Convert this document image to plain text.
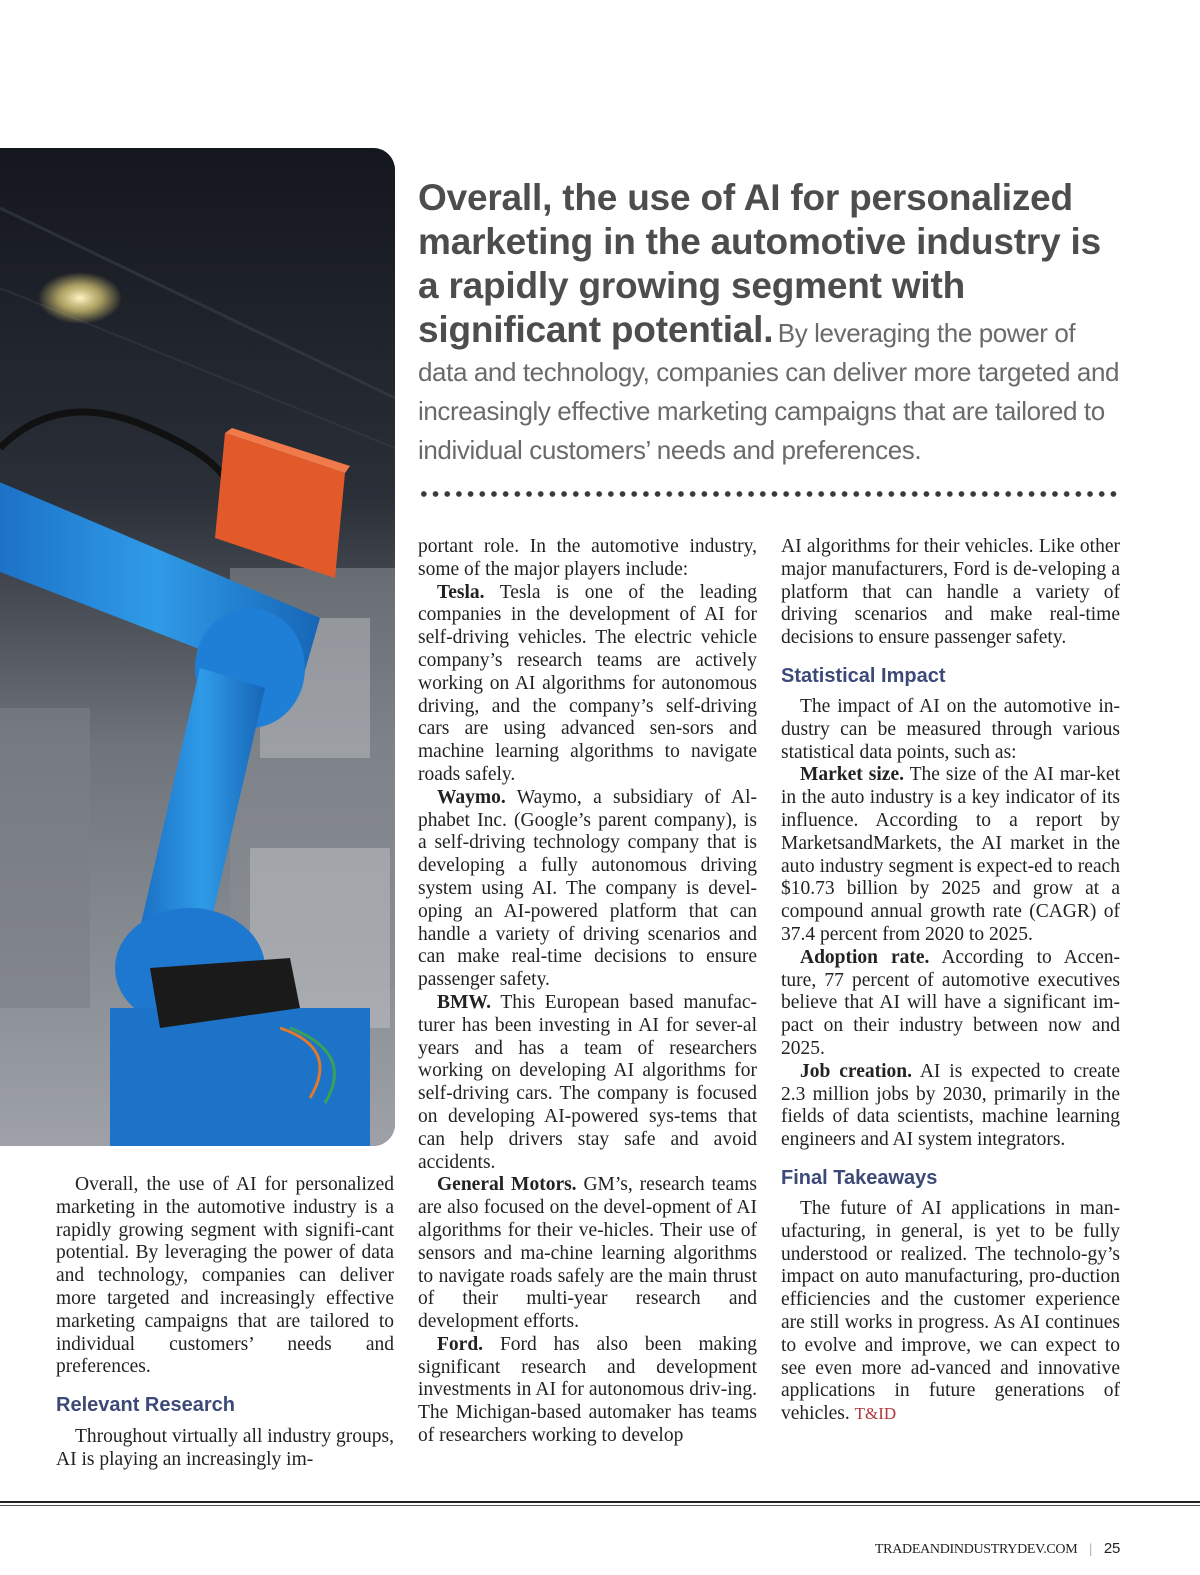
Overall, the use of AI for personalized marketing in the automotive industry is a rapidly growing segment with significant potential. By leveraging the power of data and technology, companies can deliver more targeted and increasingly effective marketing campaigns that are tailored to individual customers’ needs and preferences.

Overall, the use of AI for personalized marketing in the automotive industry is a rapidly growing segment with signifi-cant potential. By leveraging the power of data and technology, companies can deliver more targeted and increasingly effective marketing campaigns that are tailored to individual customers’ needs and preferences.

Relevant Research

Throughout virtually all industry groups, AI is playing an increasingly im-

portant role. In the automotive industry, some of the major players include:

Tesla. Tesla is one of the leading companies in the development of AI for self-driving vehicles. The electric vehicle company’s research teams are actively working on AI algorithms for autonomous driving, and the company’s self-driving cars are using advanced sen-sors and machine learning algorithms to navigate roads safely.

Waymo. Waymo, a subsidiary of Al-phabet Inc. (Google’s parent company), is a self-driving technology company that is developing a fully autonomous driving system using AI. The company is devel-oping an AI-powered platform that can handle a variety of driving scenarios and can make real-time decisions to ensure passenger safety.

BMW. This European based manufac-turer has been investing in AI for sever-al years and has a team of researchers working on developing AI algorithms for self-driving cars. The company is focused on developing AI-powered sys-tems that can help drivers stay safe and avoid accidents.

General Motors. GM’s, research teams are also focused on the devel-opment of AI algorithms for their ve-hicles. Their use of sensors and ma-chine learning algorithms to navigate roads safely are the main thrust of their multi-year research and development efforts.

Ford. Ford has also been making significant research and development investments in AI for autonomous driv-ing. The Michigan-based automaker has teams of researchers working to develop

AI algorithms for their vehicles. Like other major manufacturers, Ford is de-veloping a platform that can handle a variety of driving scenarios and make real-time decisions to ensure passenger safety.

Statistical Impact

The impact of AI on the automotive in-dustry can be measured through various statistical data points, such as:

Market size. The size of the AI mar-ket in the auto industry is a key indicator of its influence. According to a report by MarketsandMarkets, the AI market in the auto industry segment is expect-ed to reach $10.73 billion by 2025 and grow at a compound annual growth rate (CAGR) of 37.4 percent from 2020 to 2025.

Adoption rate. According to Accen-ture, 77 percent of automotive executives believe that AI will have a significant im-pact on their industry between now and 2025.

Job creation. AI is expected to create 2.3 million jobs by 2030, primarily in the fields of data scientists, machine learning engineers and AI system integrators.

Final Takeaways

The future of AI applications in man-ufacturing, in general, is yet to be fully understood or realized. The technolo-gy’s impact on auto manufacturing, pro-duction efficiencies and the customer experience are still works in progress. As AI continues to evolve and improve, we can expect to see even more ad-vanced and innovative applications in future generations of vehicles. T&ID

TRADEANDINDUSTRYDEV.COM | 25
